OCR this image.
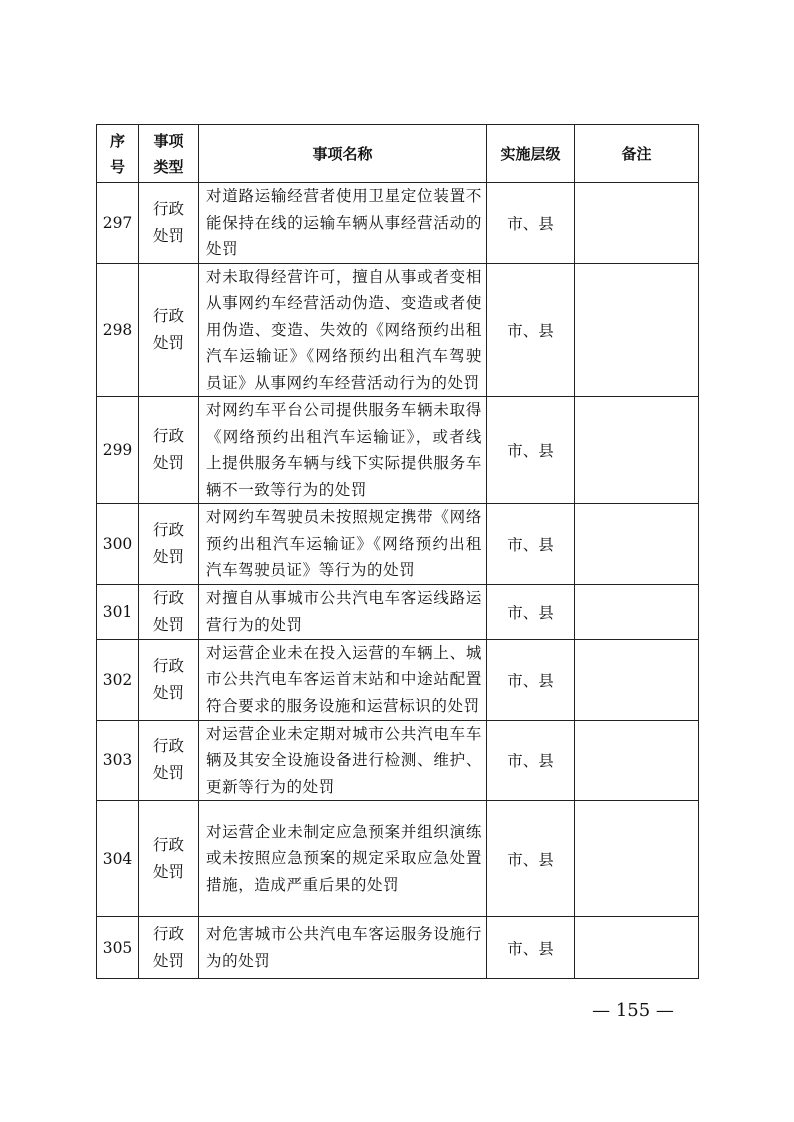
序号	事项类型	事项名称	实施层级	备注
297	行政处罚	对道路运输经营者使用卫星定位装置不能保持在线的运输车辆从事经营活动的处罚	市、县	
298	行政处罚	对未取得经营许可，擅自从事或者变相从事网约车经营活动伪造、变造或者使用伪造、变造、失效的《网络预约出租汽车运输证》《网络预约出租汽车驾驶员证》从事网约车经营活动行为的处罚	市、县	
299	行政处罚	对网约车平台公司提供服务车辆未取得《网络预约出租汽车运输证》，或者线上提供服务车辆与线下实际提供服务车辆不一致等行为的处罚	市、县	
300	行政处罚	对网约车驾驶员未按照规定携带《网络预约出租汽车运输证》《网络预约出租汽车驾驶员证》等行为的处罚	市、县	
301	行政处罚	对擅自从事城市公共汽电车客运线路运营行为的处罚	市、县	
302	行政处罚	对运营企业未在投入运营的车辆上、城市公共汽电车客运首末站和中途站配置符合要求的服务设施和运营标识的处罚	市、县	
303	行政处罚	对运营企业未定期对城市公共汽电车车辆及其安全设施设备进行检测、维护、更新等行为的处罚	市、县	
304	行政处罚	对运营企业未制定应急预案并组织演练或未按照应急预案的规定采取应急处置措施，造成严重后果的处罚	市、县	
305	行政处罚	对危害城市公共汽电车客运服务设施行为的处罚	市、县	
— 155 —
